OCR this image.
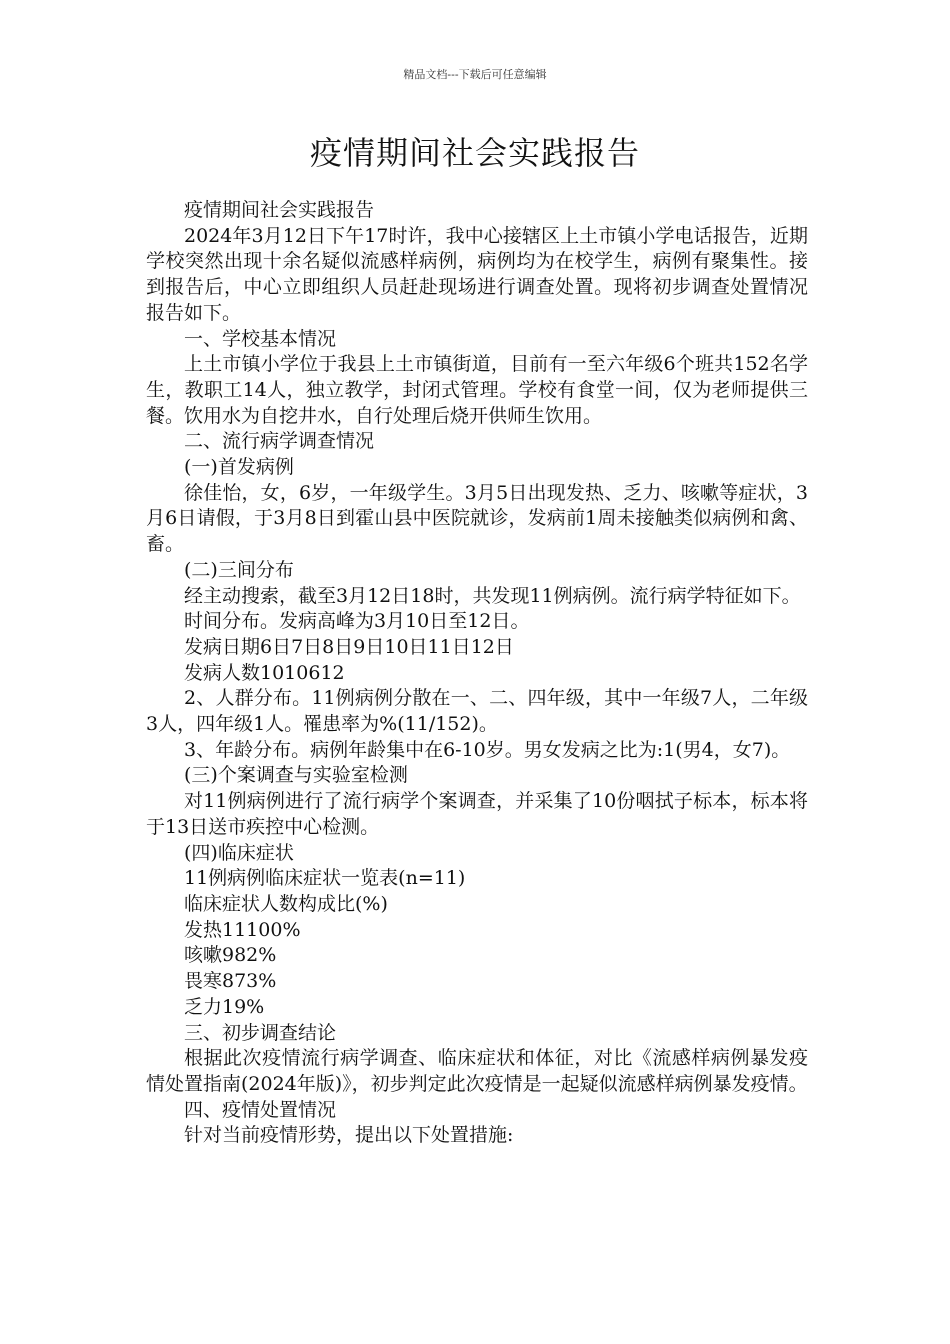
精品文档---下载后可任意编辑
疫情期间社会实践报告
疫情期间社会实践报告
2024年3月12日下午17时许，我中心接辖区上土市镇小学电话报告，近期学校突然出现十余名疑似流感样病例，病例均为在校学生，病例有聚集性。接到报告后，中心立即组织人员赶赴现场进行调查处置。现将初步调查处置情况报告如下。
一、学校基本情况
上土市镇小学位于我县上土市镇街道，目前有一至六年级6个班共152名学生，教职工14人，独立教学，封闭式管理。学校有食堂一间，仅为老师提供三餐。饮用水为自挖井水，自行处理后烧开供师生饮用。
二、流行病学调查情况
(一)首发病例
徐佳怡，女，6岁，一年级学生。3月5日出现发热、乏力、咳嗽等症状，3月6日请假，于3月8日到霍山县中医院就诊，发病前1周未接触类似病例和禽、畜。
(二)三间分布
经主动搜索，截至3月12日18时，共发现11例病例。流行病学特征如下。
时间分布。发病高峰为3月10日至12日。
发病日期6日7日8日9日10日11日12日
发病人数1010612
2、人群分布。11例病例分散在一、二、四年级，其中一年级7人，二年级3人，四年级1人。罹患率为%(11/152)。
3、年龄分布。病例年龄集中在6-10岁。男女发病之比为:1(男4，女7)。
(三)个案调查与实验室检测
对11例病例进行了流行病学个案调查，并采集了10份咽拭子标本，标本将于13日送市疾控中心检测。
(四)临床症状
11例病例临床症状一览表(n=11)
临床症状人数构成比(%)
发热11100%
咳嗽982%
畏寒873%
乏力19%
三、初步调查结论
根据此次疫情流行病学调查、临床症状和体征，对比《流感样病例暴发疫情处置指南(2024年版)》，初步判定此次疫情是一起疑似流感样病例暴发疫情。
四、疫情处置情况
针对当前疫情形势，提出以下处置措施:
